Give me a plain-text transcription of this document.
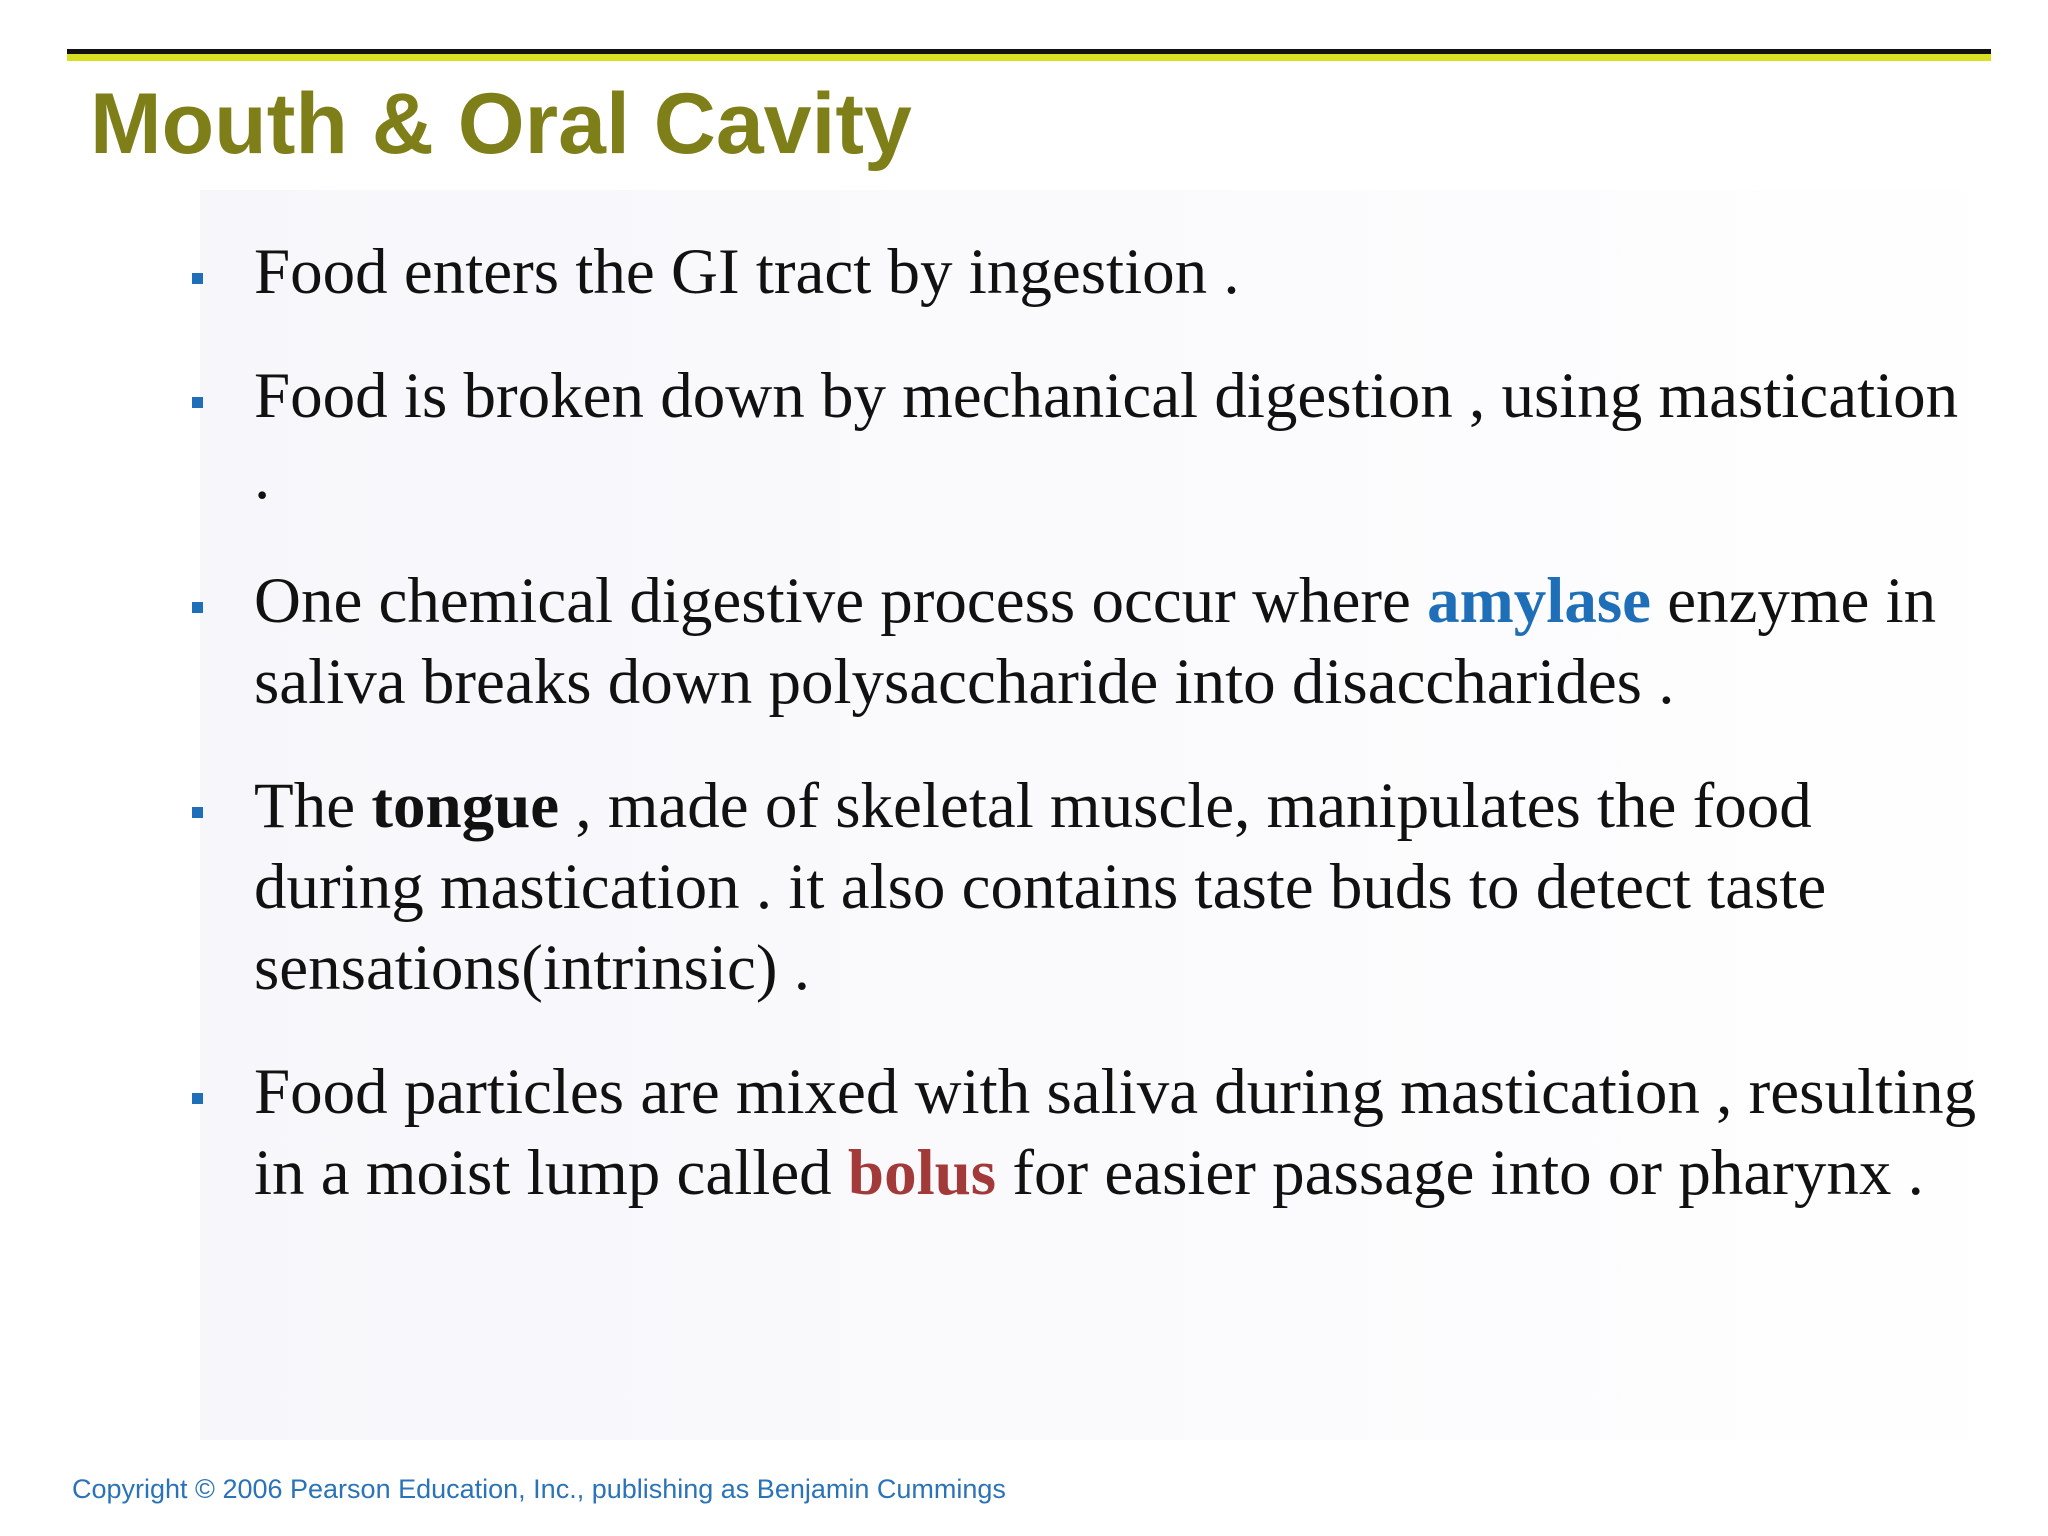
Mouth & Oral Cavity
Food enters the GI tract by ingestion .
Food is broken down by mechanical digestion , using mastication .
One chemical digestive process occur where amylase enzyme in saliva breaks down polysaccharide into disaccharides .
The tongue , made of skeletal muscle, manipulates the food during mastication . it also contains taste buds to detect taste sensations(intrinsic) .
Food particles are mixed with saliva during mastication , resulting in a moist lump called bolus for easier passage into or pharynx .

Copyright © 2006 Pearson Education, Inc., publishing as Benjamin Cummings
